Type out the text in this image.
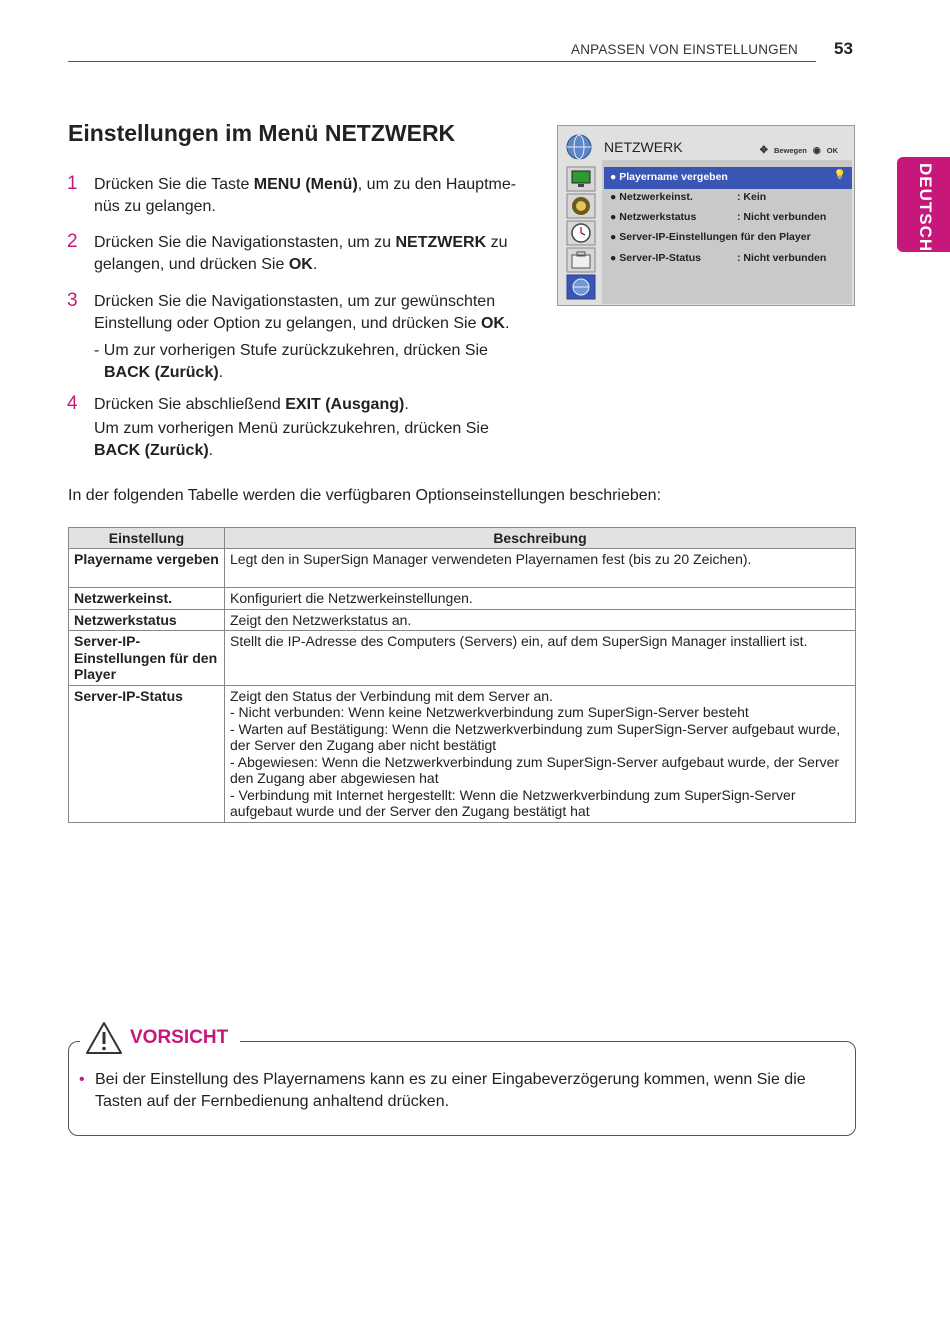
ANPASSEN VON EINSTELLUNGEN 53
DEUTSCH
Einstellungen im Menü NETZWERK
1 Drücken Sie die Taste MENU (Menü), um zu den Hauptme-nüs zu gelangen.
2 Drücken Sie die Navigationstasten, um zu NETZWERK zu gelangen, und drücken Sie OK.
3 Drücken Sie die Navigationstasten, um zur gewünschten Einstellung oder Option zu gelangen, und drücken Sie OK.
- Um zur vorherigen Stufe zurückzukehren, drücken Sie BACK (Zurück).
4 Drücken Sie abschließend EXIT (Ausgang).
Um zum vorherigen Menü zurückzukehren, drücken Sie BACK (Zurück).
NETZWERK	✥ Bewegen ◉ OK
● Playername vergeben	💡
● Netzwerkeinst.	: Kein
● Netzwerkstatus	: Nicht verbunden
● Server-IP-Einstellungen für den Player
● Server-IP-Status	: Nicht verbunden
In der folgenden Tabelle werden die verfügbaren Optionseinstellungen beschrieben:
Einstellung	Beschreibung
Playername vergeben	Legt den in SuperSign Manager verwendeten Playernamen fest (bis zu 20 Zeichen).
Netzwerkeinst.	Konfiguriert die Netzwerkeinstellungen.
Netzwerkstatus	Zeigt den Netzwerkstatus an.
Server-IP-Einstellungen für den Player	Stellt die IP-Adresse des Computers (Servers) ein, auf dem SuperSign Manager installiert ist.
Server-IP-Status	Zeigt den Status der Verbindung mit dem Server an.
- Nicht verbunden: Wenn keine Netzwerkverbindung zum SuperSign-Server besteht
- Warten auf Bestätigung: Wenn die Netzwerkverbindung zum SuperSign-Server aufgebaut wurde, der Server den Zugang aber nicht bestätigt
- Abgewiesen: Wenn die Netzwerkverbindung zum SuperSign-Server aufgebaut wurde, der Server den Zugang aber abgewiesen hat
- Verbindung mit Internet hergestellt: Wenn die Netzwerkverbindung zum SuperSign-Server aufgebaut wurde und der Server den Zugang bestätigt hat
VORSICHT
• Bei der Einstellung des Playernamens kann es zu einer Eingabeverzögerung kommen, wenn Sie die Tasten auf der Fernbedienung anhaltend drücken.
